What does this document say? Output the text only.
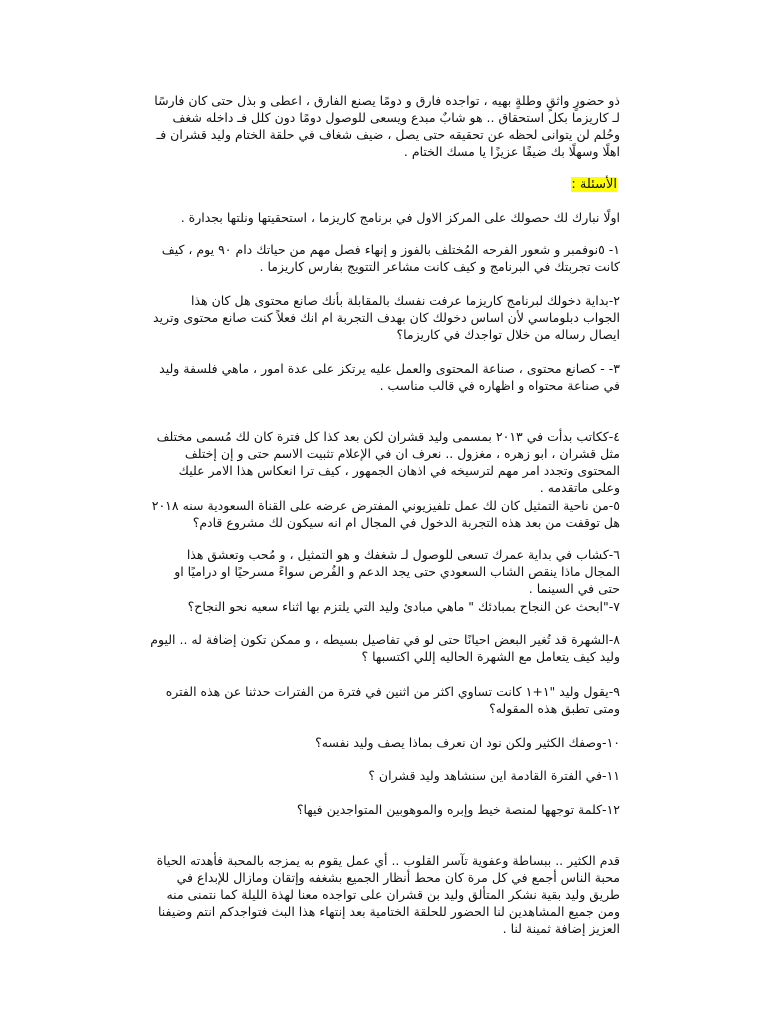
ذو حضورٍ واثقٍ وطلةٍ بهيه ، تواجده فارق و دومًا يصنع الفارق ، اعطى و بذل حتى كان فارسًا لـ كاريزما بكل استحقاق .. هو شابٌ مبدع ويسعى للوصول دومًا دون كلل فـ داخله شغف وحُلم لن يتوانى لحظه عن تحقيقه حتى يصل ، ضيف شغاف في حلقة الختام وليد قشران فـ اهلًا وسهلًا بك ضيفًا عزيزًا يا مسك الختام .

الأسئلة :

اولًا نبارك لك حصولك على المركز الاول في برنامج كاريزما ، استحقيتها ونلتها بجدارة .

١- ٥نوفمبر و شعور الفرحه المُختلف بالفوز و إنهاء فصل مهم من حياتك دام ٩٠ يوم ، كيف كانت تجربتك في البرنامج و كيف كانت مشاعر التتويج بفارس كاريزما .

٢-بداية دخولك لبرنامج كاريزما عرفت نفسك بالمقابلة بأنك صانع محتوى هل كان هذا الجواب دبلوماسي لأن اساس دخولك كان بهدف التجربة ام انك فعلاً كنت صانع محتوى وتريد ايصال رساله من خلال تواجدك في كاريزما؟

٣- - كصانع محتوى ، صناعة المحتوى والعمل عليه يرتكز على عدة امور ، ماهي فلسفة وليد في صناعة محتواه و اظهاره في قالب مناسب .

٤-ككاتب بدأت في ٢٠١٣ بمسمى وليد قشران لكن بعد كذا كل فترة كان لك مُسمى مختلف مثل قشران ، ابو زهره ، مغزول .. نعرف ان في الإعلام تثبيت الاسم حتى و إن إختلف المحتوى وتجدد امر مهم لترسيخه في اذهان الجمهور ، كيف ترا انعكاس هذا الامر عليك وعلى ماتقدمه .

٥-من ناحية التمثيل كان لك عمل تلفيزيوني المفترض عرضه على القناة السعودية سنه ٢٠١٨ هل توقفت من بعد هذه التجربة الدخول في المجال ام انه سيكون لك مشروع قادم؟

٦-كشاب في بداية عمرك تسعى للوصول لـ شغفك و هو التمثيل ، و مُحب وتعشق هذا المجال ماذا ينقص الشاب السعودي حتى يجد الدعم و الفُرص سواءً مسرحيًا او دراميًا او حتى في السينما .

٧-"ابحث عن النجاح بمبادئك " ماهي مبادئ وليد التي يلتزم بها اثناء سعيه نحو النجاح؟

٨-الشهرة قد تُغير البعض احيانًا حتى لو في تفاصيل بسيطه ، و ممكن تكون إضافة له .. اليوم وليد كيف يتعامل مع الشهرة الحاليه إللي اكتسبها ؟

٩-يقول وليد "١+١ كانت تساوي اكثر من اثنين في فترة من الفترات حدثنا عن هذه الفتره ومتى تطبق هذه المقوله؟

١٠-وصفك الكثير ولكن نود ان نعرف بماذا يصف وليد نفسه؟

١١-في الفترة القادمة اين سنشاهد وليد قشران ؟

١٢-كلمة توجهها لمنصة خيط وإبره والموهوبين المتواجدين فيها؟

قدم الكثير .. ببساطة وعفوية تآسر القلوب .. أي عمل يقوم به يمزجه بالمحبة فأهدته الحياة محبة الناس أجمع في كل مرة كان محط أنظار الجميع بشغفه وإتقان ومازال للإبداع في طريق وليد بقية نشكر المتألق وليد بن قشران على تواجده معنا لهذة الليلة كما نتمنى منه ومن جميع المشاهدين لنا الحضور للحلقة الختامية بعد إنتهاء هذا البث فتواجدكم انتم وضيفنا العزيز إضافة ثمينة لنا .
